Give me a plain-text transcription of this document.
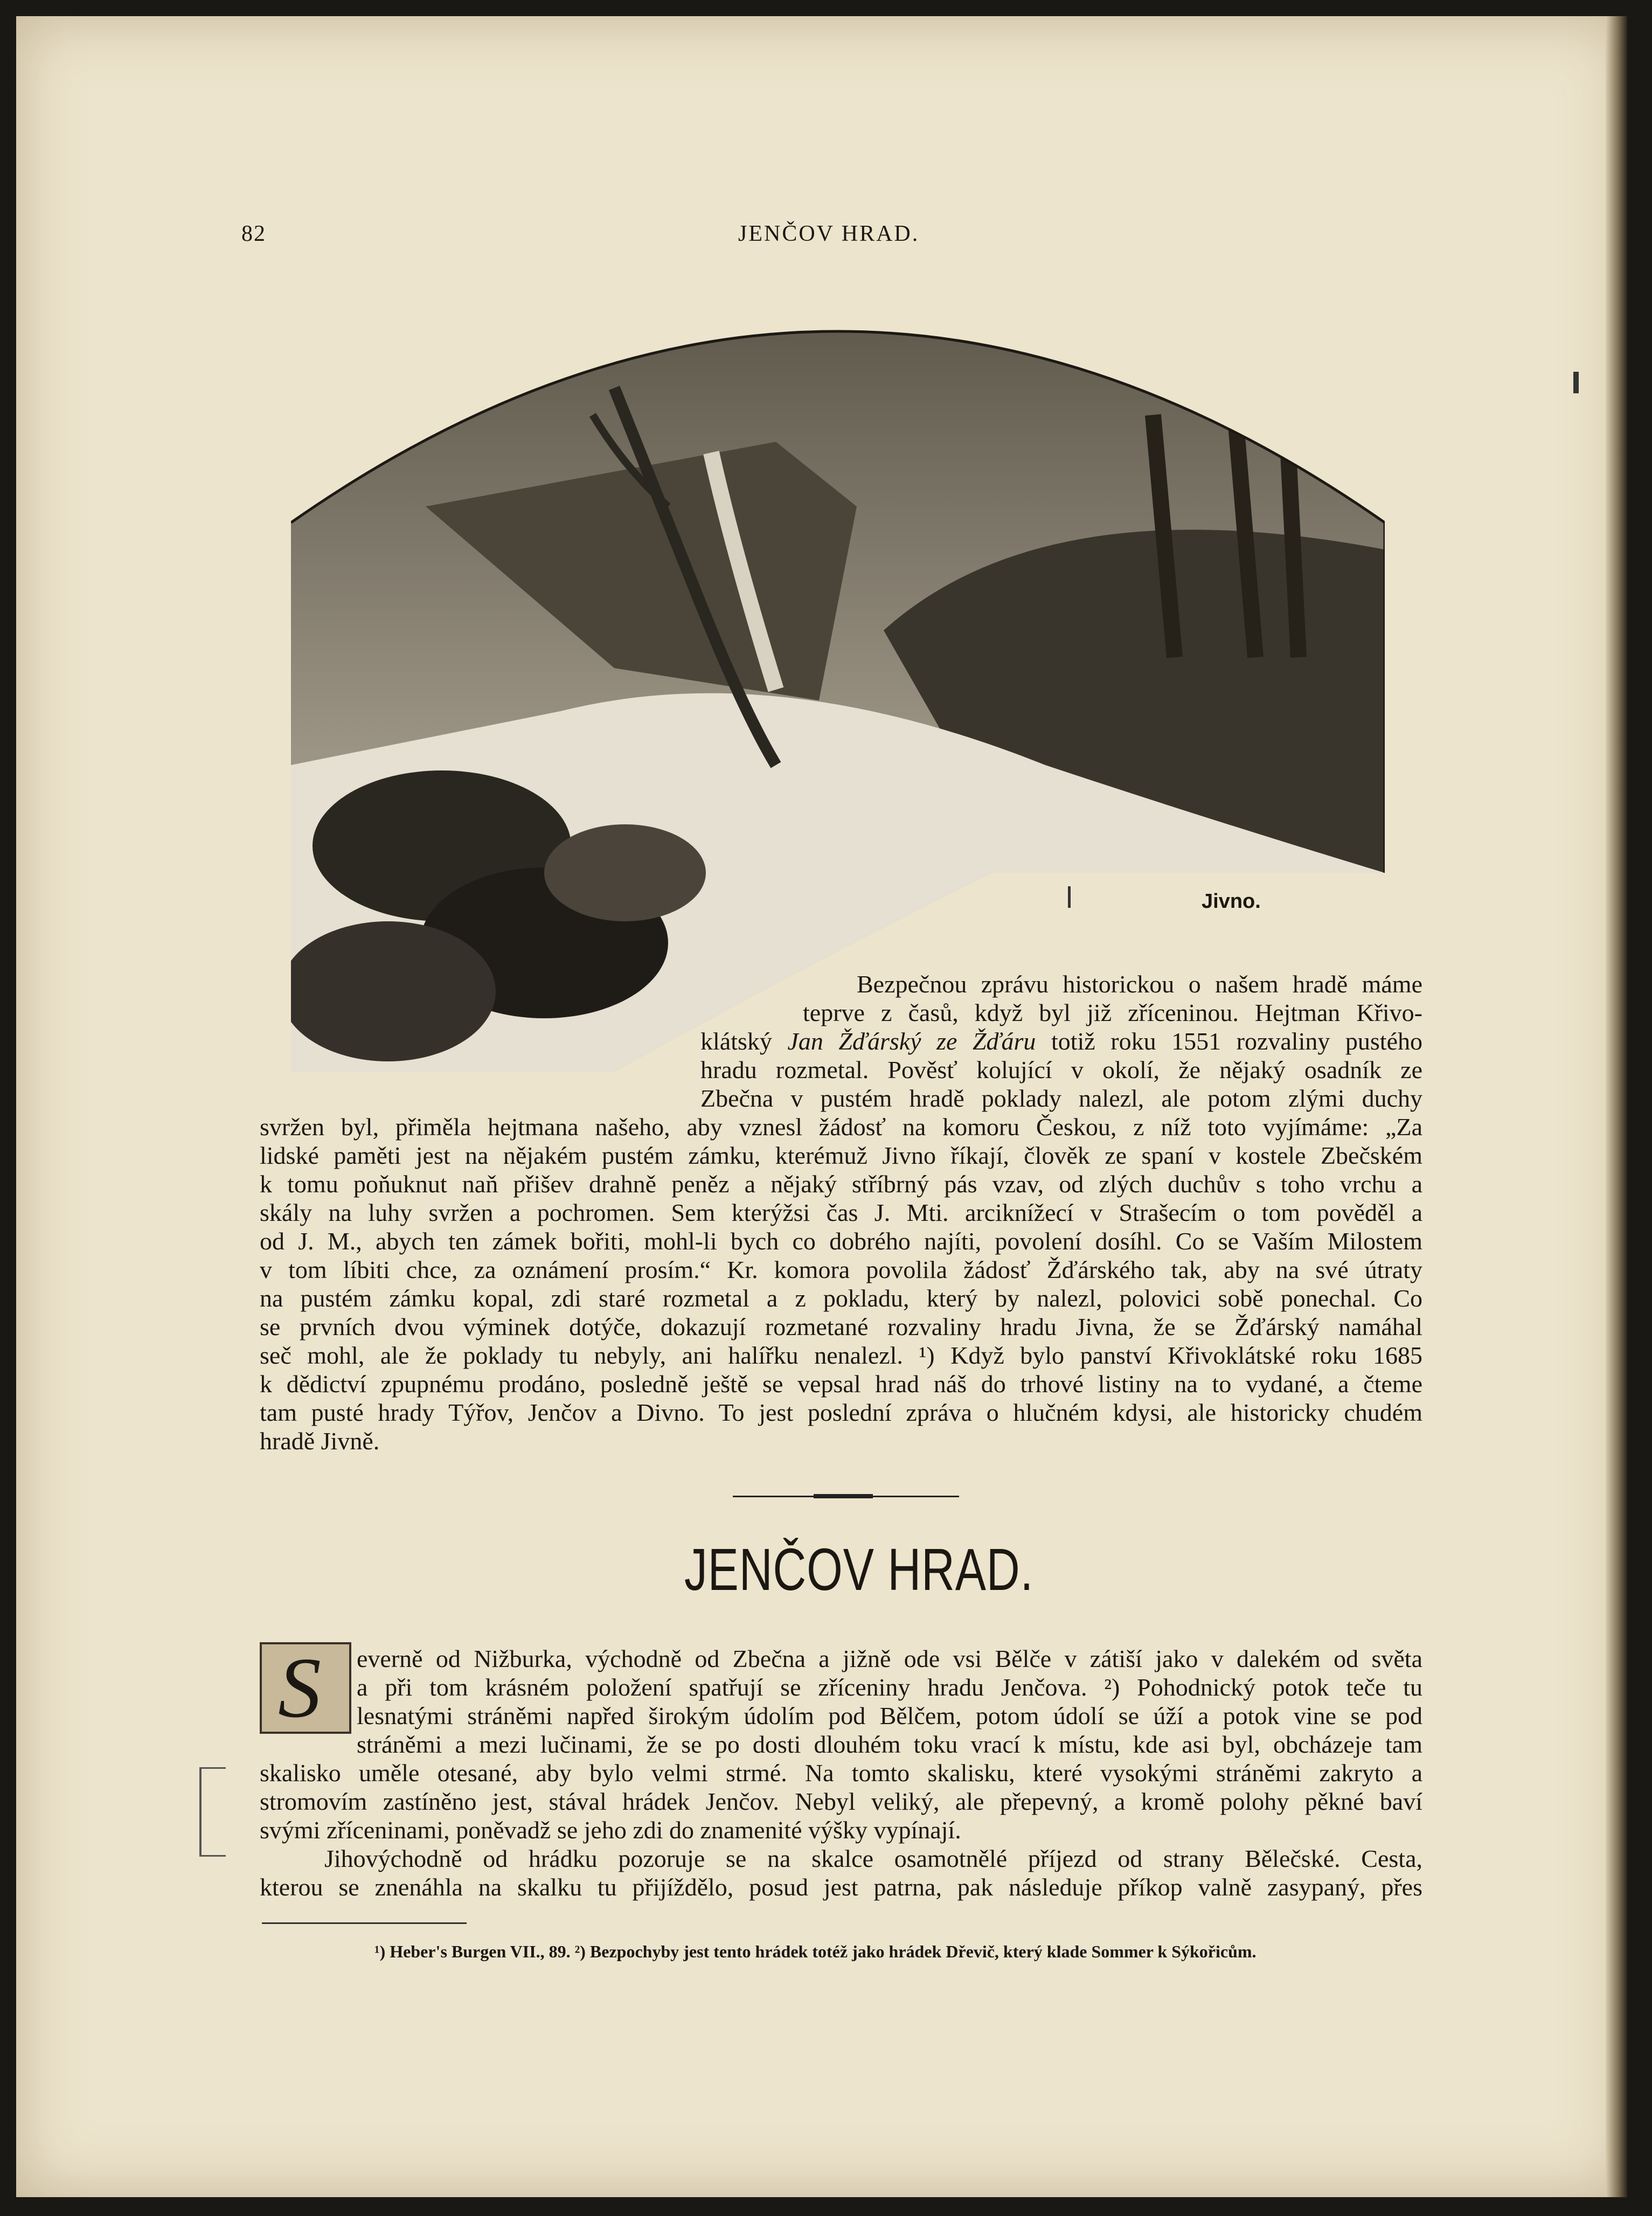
82	JENČOV HRAD.
Jivno.
Bezpečnou zprávu historickou o našem hradě máme
teprve z časů, když byl již zříceninou. Hejtman Křivo-
klátský Jan Žďárský ze Žďáru totiž roku 1551 rozvaliny pustého
hradu rozmetal. Pověsť kolující v okolí, že nějaký osadník ze
Zbečna v pustém hradě poklady nalezl, ale potom zlými duchy
svržen byl, přiměla hejtmana našeho, aby vznesl žádosť na komoru Českou, z níž toto vyjímáme: „Za
lidské paměti jest na nějakém pustém zámku, kterémuž Jivno říkají, člověk ze spaní v kostele Zbečském
k tomu poňuknut naň přišev drahně peněz a nějaký stříbrný pás vzav, od zlých duchův s toho vrchu a
skály na luhy svržen a pochromen. Sem kterýžsi čas J. Mti. arciknížecí v Strašecím o tom pověděl a
od J. M., abych ten zámek bořiti, mohl-li bych co dobrého najíti, povolení dosíhl. Co se Vaším Milostem
v tom líbiti chce, za oznámení prosím.“ Kr. komora povolila žádosť Žďárského tak, aby na své útraty
na pustém zámku kopal, zdi staré rozmetal a z pokladu, který by nalezl, polovici sobě ponechal. Co
se prvních dvou výminek dotýče, dokazují rozmetané rozvaliny hradu Jivna, že se Žďárský namáhal
seč mohl, ale že poklady tu nebyly, ani halířku nenalezl. ¹) Když bylo panství Křivoklátské roku 1685
k dědictví zpupnému prodáno, posledně ještě se vepsal hrad náš do trhové listiny na to vydané, a čteme
tam pusté hrady Týřov, Jenčov a Divno. To jest poslední zpráva o hlučném kdysi, ale historicky chudém
hradě Jivně.
JENČOV HRAD.
S everně od Nižburka, východně od Zbečna a jižně ode vsi Bělče v zátiší jako v dalekém od světa
a při tom krásném položení spatřují se zříceniny hradu Jenčova. ²) Pohodnický potok teče tu
lesnatými stráněmi napřed širokým údolím pod Bělčem, potom údolí se úží a potok vine se pod
stráněmi a mezi lučinami, že se po dosti dlouhém toku vrací k místu, kde asi byl, obcházeje tam
skalisko uměle otesané, aby bylo velmi strmé. Na tomto skalisku, které vysokými stráněmi zakryto a
stromovím zastíněno jest, stával hrádek Jenčov. Nebyl veliký, ale přepevný, a kromě polohy pěkné baví
svými zříceninami, poněvadž se jeho zdi do znamenité výšky vypínají.
Jihovýchodně od hrádku pozoruje se na skalce osamotnělé příjezd od strany Bělečské. Cesta,
kterou se znenáhla na skalku tu přijíždělo, posud jest patrna, pak následuje příkop valně zasypaný, přes
¹) Heber's Burgen VII., 89. ²) Bezpochyby jest tento hrádek totéž jako hrádek Dřevič, který klade Sommer k Sýkořicům.
